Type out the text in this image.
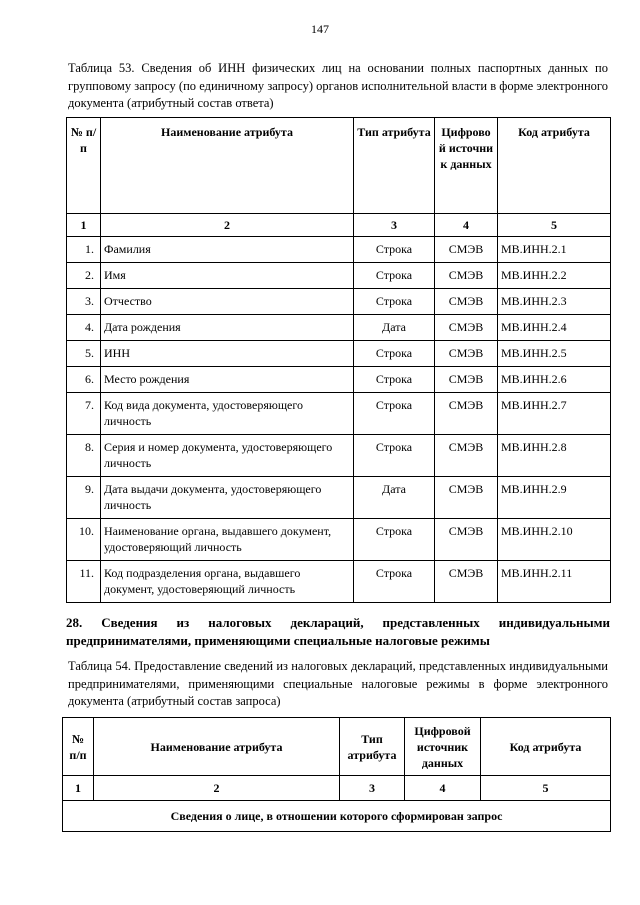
147
Таблица 53. Сведения об ИНН физических лиц на основании полных паспортных данных по групповому запросу (по единичному запросу) органов исполнительной власти в форме электронного документа (атрибутный состав ответа)
№ п/п	Наименование атрибута	Тип атрибута	Цифровой источник данных	Код атрибута
1	2	3	4	5
1.	Фамилия	Строка	СМЭВ	МВ.ИНН.2.1
2.	Имя	Строка	СМЭВ	МВ.ИНН.2.2
3.	Отчество	Строка	СМЭВ	МВ.ИНН.2.3
4.	Дата рождения	Дата	СМЭВ	МВ.ИНН.2.4
5.	ИНН	Строка	СМЭВ	МВ.ИНН.2.5
6.	Место рождения	Строка	СМЭВ	МВ.ИНН.2.6
7.	Код вида документа, удостоверяющего личность	Строка	СМЭВ	МВ.ИНН.2.7
8.	Серия и номер документа, удостоверяющего личность	Строка	СМЭВ	МВ.ИНН.2.8
9.	Дата выдачи документа, удостоверяющего личность	Дата	СМЭВ	МВ.ИНН.2.9
10.	Наименование органа, выдавшего документ, удостоверяющий личность	Строка	СМЭВ	МВ.ИНН.2.10
11.	Код подразделения органа, выдавшего документ, удостоверяющий личность	Строка	СМЭВ	МВ.ИНН.2.11
28. Сведения из налоговых деклараций, представленных индивидуальными предпринимателями, применяющими специальные налоговые режимы
Таблица 54. Предоставление сведений из налоговых деклараций, представленных индивидуальными предпринимателями, применяющими специальные налоговые режимы в форме электронного документа (атрибутный состав запроса)
№ п/п	Наименование атрибута	Тип атрибута	Цифровой источник данных	Код атрибута
1	2	3	4	5
Сведения о лице, в отношении которого сформирован запрос				
